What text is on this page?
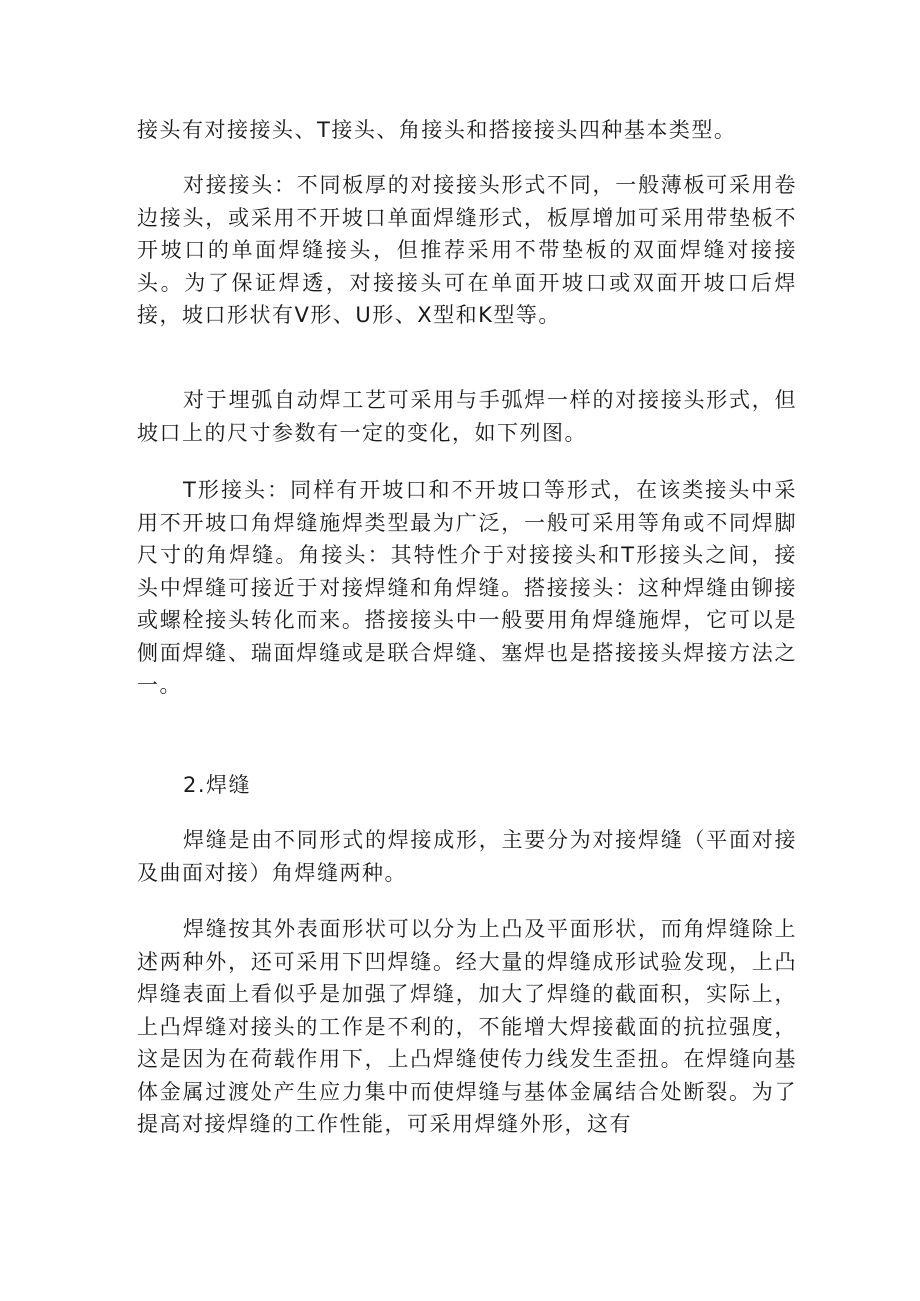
接头有对接接头、T接头、角接头和搭接接头四种基本类型。

对接接头：不同板厚的对接接头形式不同，一般薄板可采用卷边接头，或采用不开坡口单面焊缝形式，板厚增加可采用带垫板不开坡口的单面焊缝接头，但推荐采用不带垫板的双面焊缝对接接头。为了保证焊透，对接接头可在单面开坡口或双面开坡口后焊接，坡口形状有V形、U形、X型和K型等。

对于埋弧自动焊工艺可采用与手弧焊一样的对接接头形式，但坡口上的尺寸参数有一定的变化，如下列图。

T形接头：同样有开坡口和不开坡口等形式，在该类接头中采用不开坡口角焊缝施焊类型最为广泛，一般可采用等角或不同焊脚尺寸的角焊缝。角接头：其特性介于对接接头和T形接头之间，接头中焊缝可接近于对接焊缝和角焊缝。搭接接头：这种焊缝由铆接或螺栓接头转化而来。搭接接头中一般要用角焊缝施焊，它可以是侧面焊缝、瑞面焊缝或是联合焊缝、塞焊也是搭接接头焊接方法之一。

2.焊缝

焊缝是由不同形式的焊接成形，主要分为对接焊缝（平面对接及曲面对接）角焊缝两种。

焊缝按其外表面形状可以分为上凸及平面形状，而角焊缝除上述两种外，还可采用下凹焊缝。经大量的焊缝成形试验发现，上凸焊缝表面上看似乎是加强了焊缝，加大了焊缝的截面积，实际上，上凸焊缝对接头的工作是不利的，不能增大焊接截面的抗拉强度，这是因为在荷载作用下，上凸焊缝使传力线发生歪扭。在焊缝向基体金属过渡处产生应力集中而使焊缝与基体金属结合处断裂。为了提高对接焊缝的工作性能，可采用焊缝外形，这有
